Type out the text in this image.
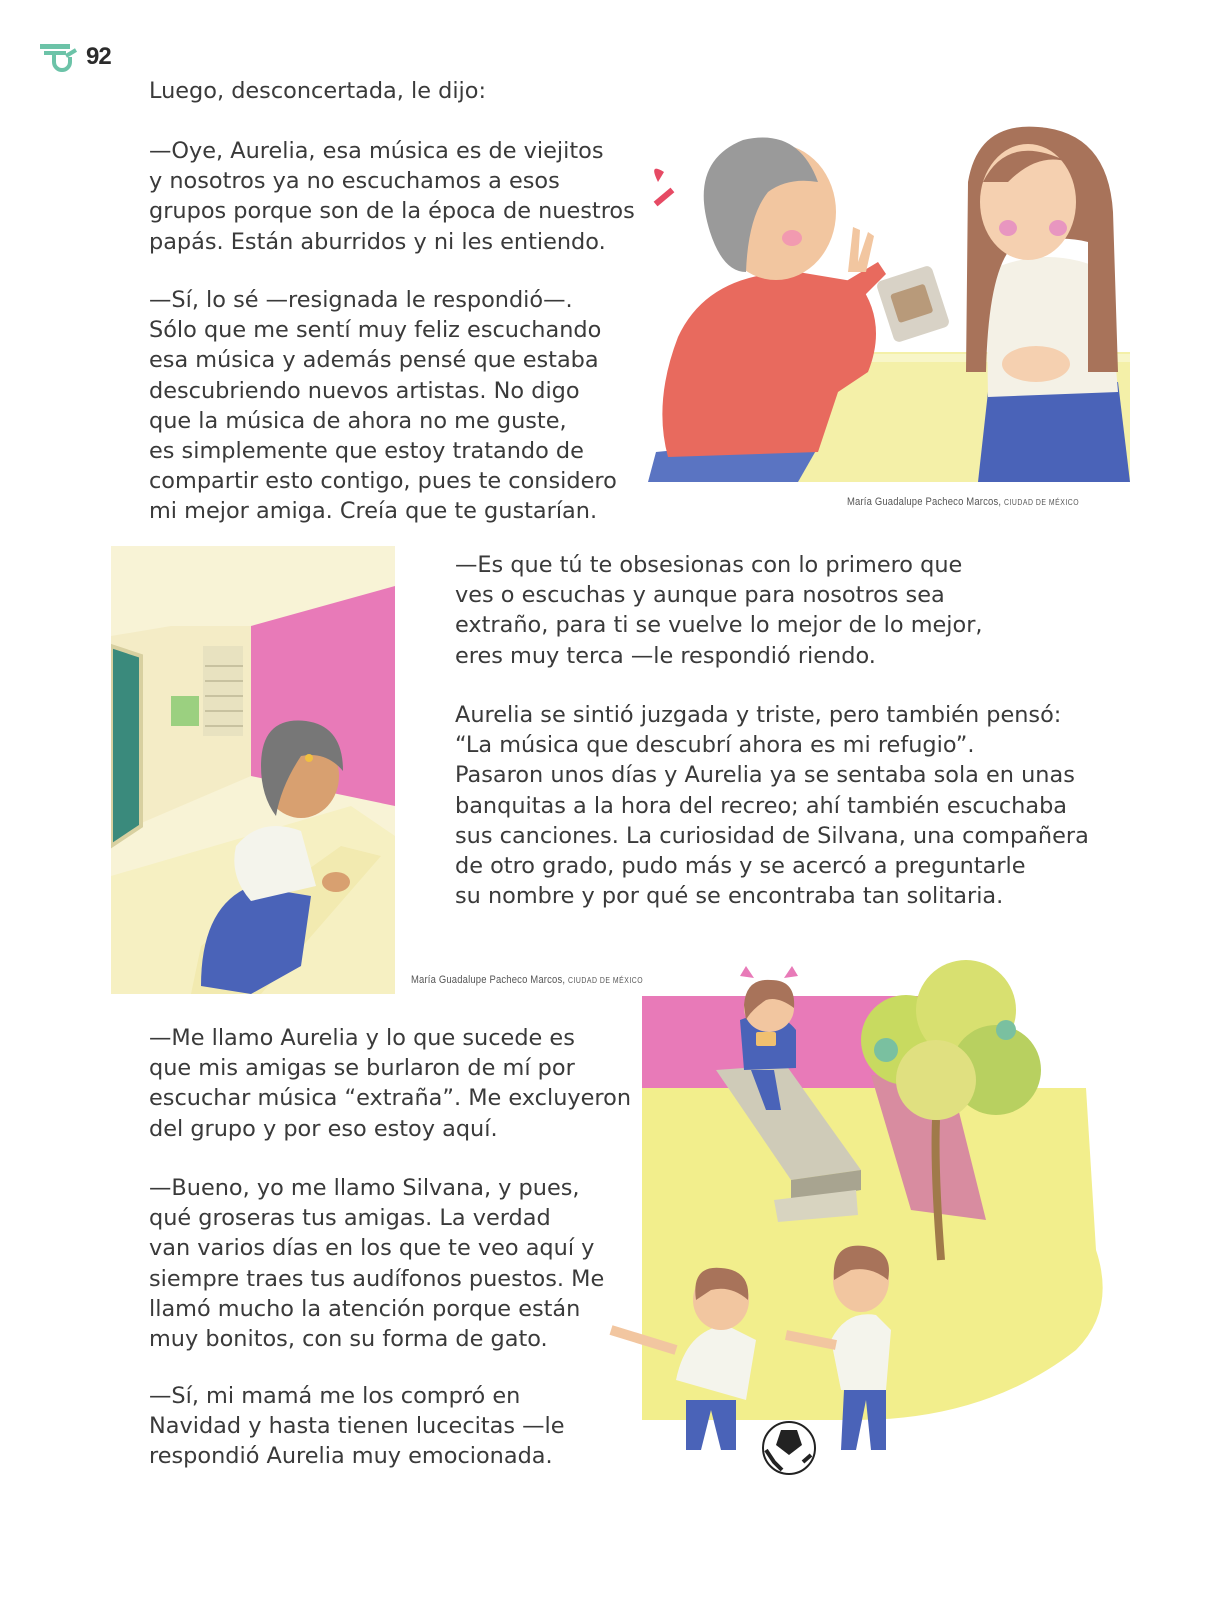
92

Luego, desconcertada, le dijo:

—Oye, Aurelia, esa música es de viejitos
y nosotros ya no escuchamos a esos
grupos porque son de la época de nuestros
papás. Están aburridos y ni les entiendo.

—Sí, lo sé —resignada le respondió—.
Sólo que me sentí muy feliz escuchando
esa música y además pensé que estaba
descubriendo nuevos artistas. No digo
que la música de ahora no me guste,
es simplemente que estoy tratando de
compartir esto contigo, pues te considero
mi mejor amiga. Creía que te gustarían.

—Es que tú te obsesionas con lo primero que
ves o escuchas y aunque para nosotros sea
extraño, para ti se vuelve lo mejor de lo mejor,
eres muy terca —le respondió riendo.

Aurelia se sintió juzgada y triste, pero también pensó:
“La música que descubrí ahora es mi refugio”.
Pasaron unos días y Aurelia ya se sentaba sola en unas
banquitas a la hora del recreo; ahí también escuchaba
sus canciones. La curiosidad de Silvana, una compañera
de otro grado, pudo más y se acercó a preguntarle
su nombre y por qué se encontraba tan solitaria.

—Me llamo Aurelia y lo que sucede es
que mis amigas se burlaron de mí por
escuchar música “extraña”. Me excluyeron
del grupo y por eso estoy aquí.

—Bueno, yo me llamo Silvana, y pues,
qué groseras tus amigas. La verdad
van varios días en los que te veo aquí y
siempre traes tus audífonos puestos. Me
llamó mucho la atención porque están
muy bonitos, con su forma de gato.

—Sí, mi mamá me los compró en
Navidad y hasta tienen lucecitas —le
respondió Aurelia muy emocionada.

María Guadalupe Pacheco Marcos, CIUDAD DE MÉXICO
María Guadalupe Pacheco Marcos, CIUDAD DE MÉXICO
